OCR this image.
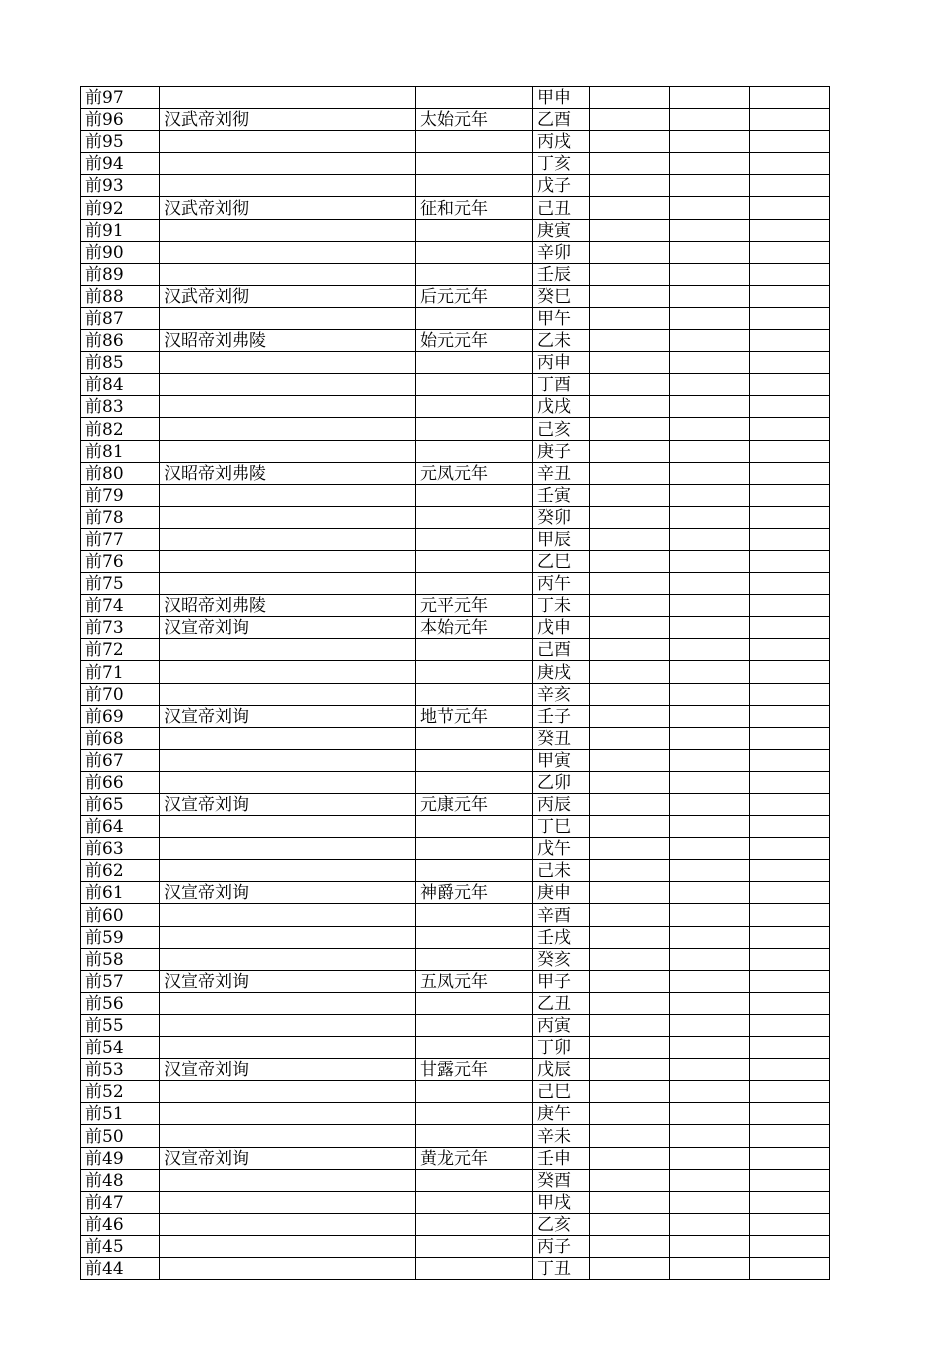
前97			甲申			
前96	汉武帝刘彻	太始元年	乙酉			
前95			丙戌			
前94			丁亥			
前93			戊子			
前92	汉武帝刘彻	征和元年	己丑			
前91			庚寅			
前90			辛卯			
前89			壬辰			
前88	汉武帝刘彻	后元元年	癸巳			
前87			甲午			
前86	汉昭帝刘弗陵	始元元年	乙未			
前85			丙申			
前84			丁酉			
前83			戊戌			
前82			己亥			
前81			庚子			
前80	汉昭帝刘弗陵	元凤元年	辛丑			
前79			壬寅			
前78			癸卯			
前77			甲辰			
前76			乙巳			
前75			丙午			
前74	汉昭帝刘弗陵	元平元年	丁未			
前73	汉宣帝刘询	本始元年	戊申			
前72			己酉			
前71			庚戌			
前70			辛亥			
前69	汉宣帝刘询	地节元年	壬子			
前68			癸丑			
前67			甲寅			
前66			乙卯			
前65	汉宣帝刘询	元康元年	丙辰			
前64			丁巳			
前63			戊午			
前62			己未			
前61	汉宣帝刘询	神爵元年	庚申			
前60			辛酉			
前59			壬戌			
前58			癸亥			
前57	汉宣帝刘询	五凤元年	甲子			
前56			乙丑			
前55			丙寅			
前54			丁卯			
前53	汉宣帝刘询	甘露元年	戊辰			
前52			己巳			
前51			庚午			
前50			辛未			
前49	汉宣帝刘询	黄龙元年	壬申			
前48			癸酉			
前47			甲戌			
前46			乙亥			
前45			丙子			
前44			丁丑			
